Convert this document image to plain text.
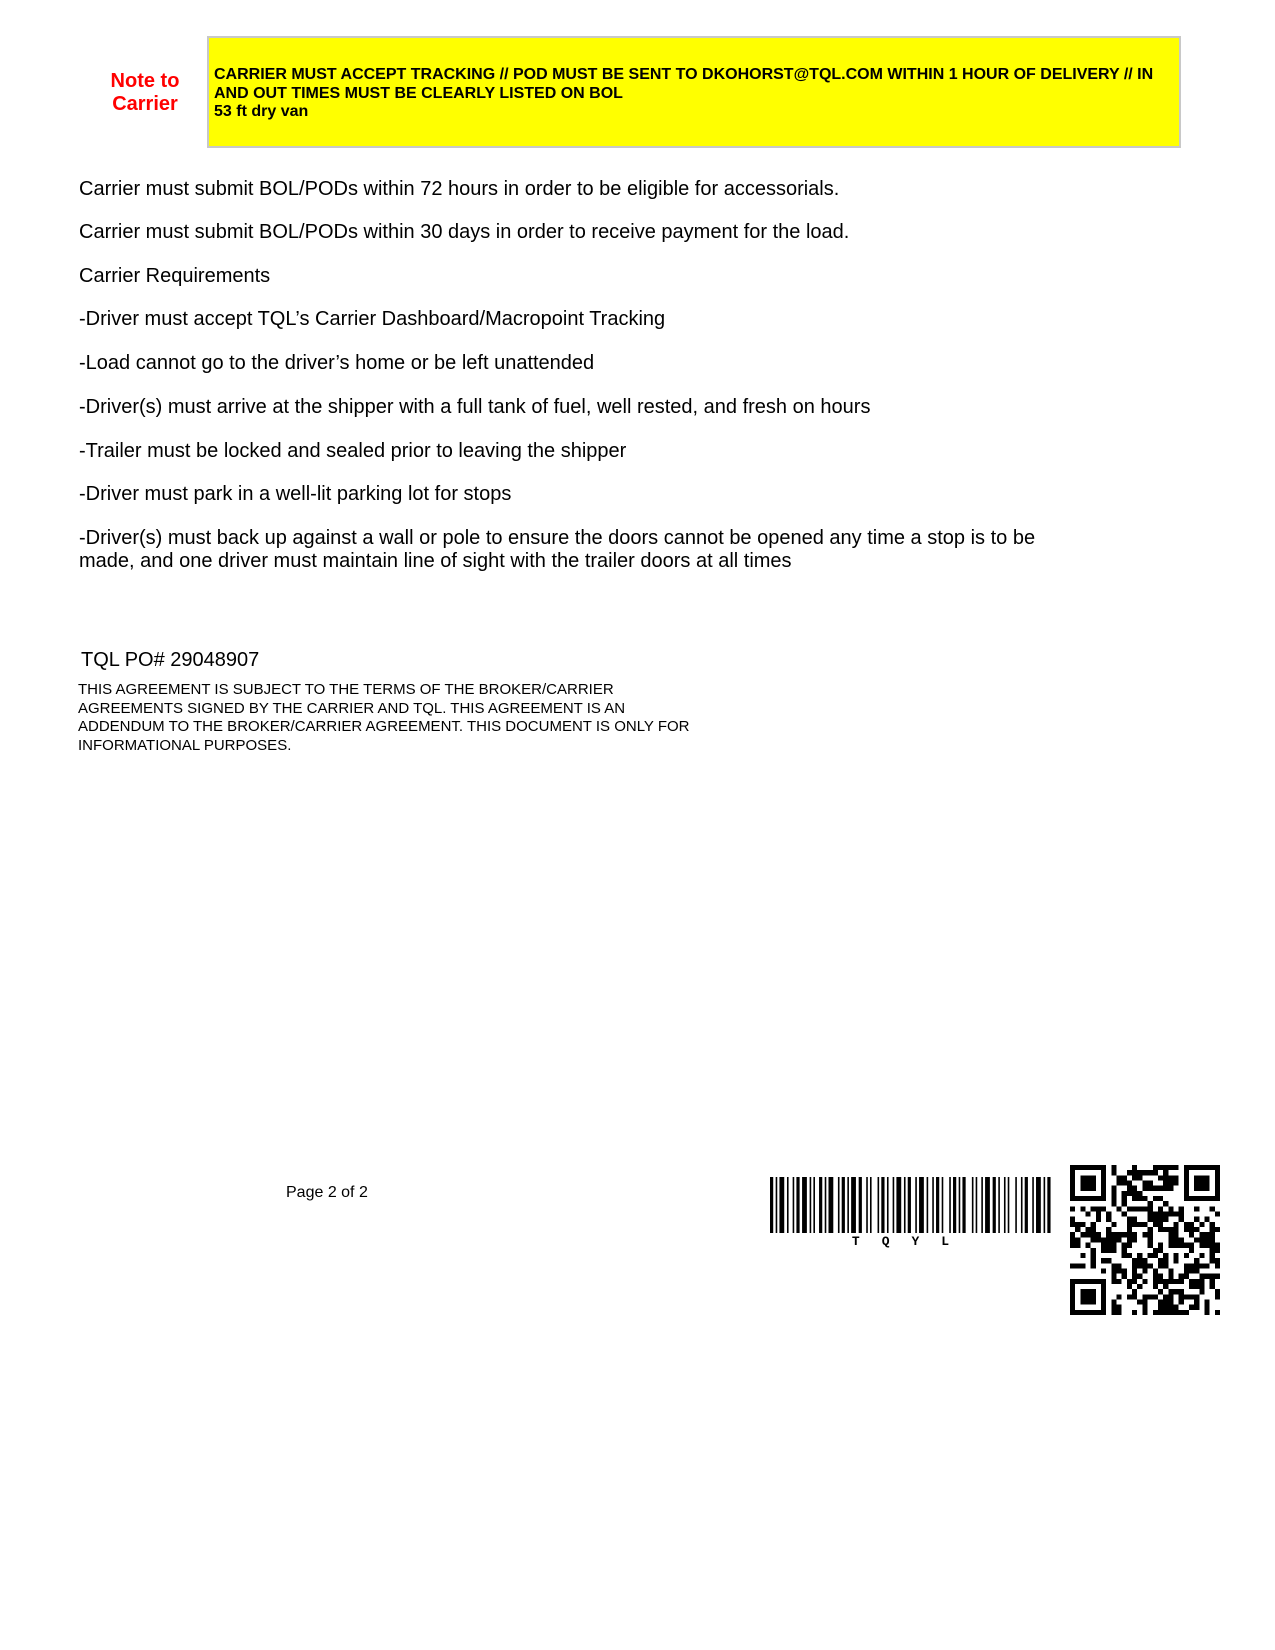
Note to
Carrier
CARRIER MUST ACCEPT TRACKING // POD MUST BE SENT TO DKOHORST@TQL.COM WITHIN 1 HOUR OF DELIVERY // IN
AND OUT TIMES MUST BE CLEARLY LISTED ON BOL
53 ft dry van

Carrier must submit BOL/PODs within 72 hours in order to be eligible for accessorials.

Carrier must submit BOL/PODs within 30 days in order to receive payment for the load.

Carrier Requirements

-Driver must accept TQL’s Carrier Dashboard/Macropoint Tracking

-Load cannot go to the driver’s home or be left unattended

-Driver(s) must arrive at the shipper with a full tank of fuel, well rested, and fresh on hours

-Trailer must be locked and sealed prior to leaving the shipper

-Driver must park in a well-lit parking lot for stops

-Driver(s) must back up against a wall or pole to ensure the doors cannot be opened any time a stop is to be
made, and one driver must maintain line of sight with the trailer doors at all times
TQL PO# 29048907
THIS AGREEMENT IS SUBJECT TO THE TERMS OF THE BROKER/CARRIER
AGREEMENTS SIGNED BY THE CARRIER AND TQL. THIS AGREEMENT IS AN
ADDENDUM TO THE BROKER/CARRIER AGREEMENT. THIS DOCUMENT IS ONLY FOR
INFORMATIONAL PURPOSES.
Page 2 of 2
TQYL
